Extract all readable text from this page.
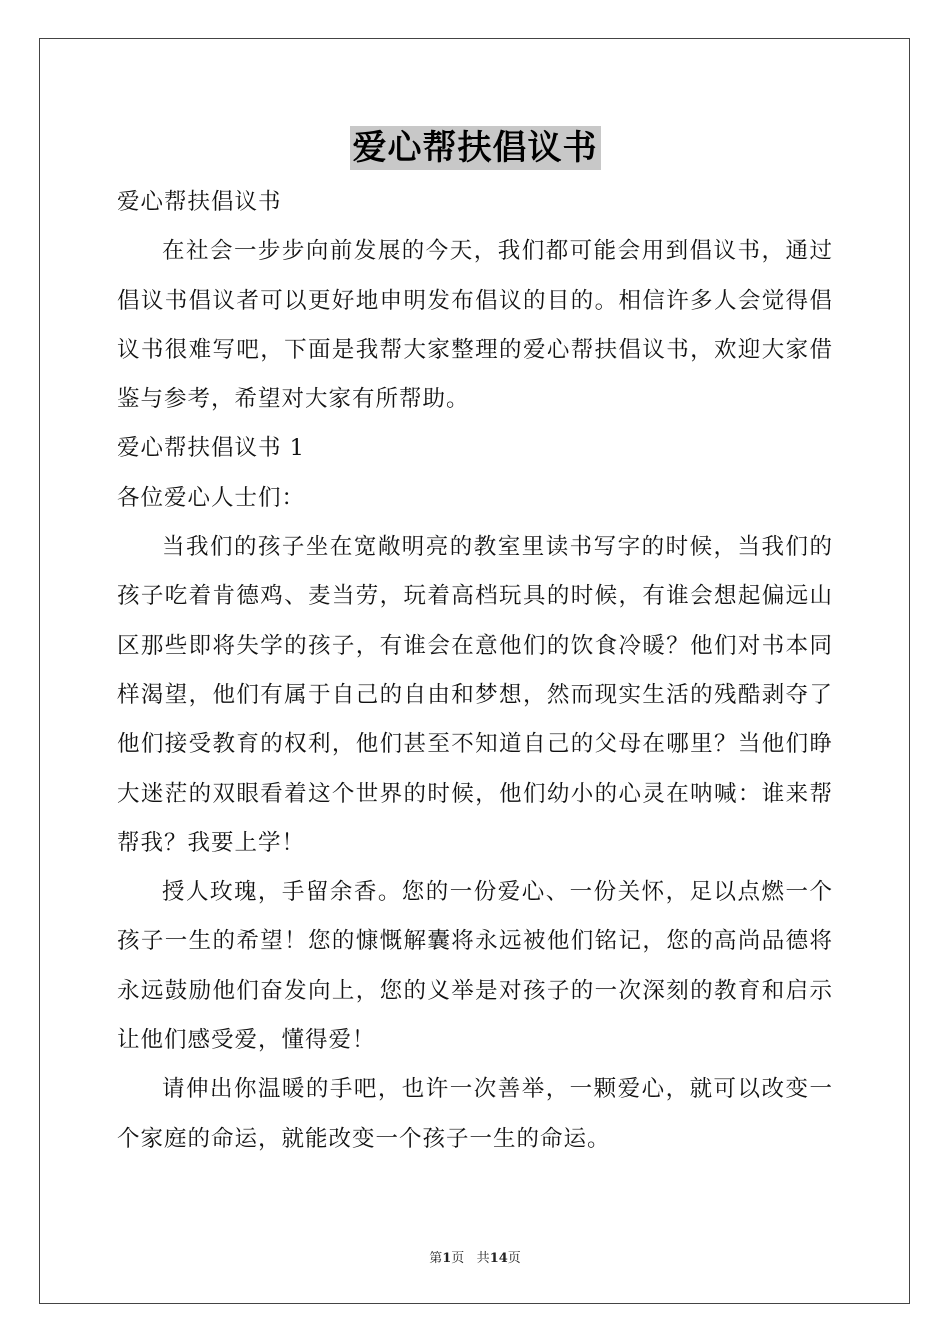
爱心帮扶倡议书

爱心帮扶倡议书

在社会一步步向前发展的今天，我们都可能会用到倡议书，通过倡议书倡议者可以更好地申明发布倡议的目的。相信许多人会觉得倡议书很难写吧，下面是我帮大家整理的爱心帮扶倡议书，欢迎大家借鉴与参考，希望对大家有所帮助。

爱心帮扶倡议书 1

各位爱心人士们：

当我们的孩子坐在宽敞明亮的教室里读书写字的时候，当我们的孩子吃着肯德鸡、麦当劳，玩着高档玩具的时候，有谁会想起偏远山区那些即将失学的孩子，有谁会在意他们的饮食冷暖？他们对书本同样渴望，他们有属于自己的自由和梦想，然而现实生活的残酷剥夺了他们接受教育的权利，他们甚至不知道自己的父母在哪里？当他们睁大迷茫的双眼看着这个世界的时候，他们幼小的心灵在呐喊：谁来帮帮我？我要上学！

授人玫瑰，手留余香。您的一份爱心、一份关怀，足以点燃一个孩子一生的希望！您的慷慨解囊将永远被他们铭记，您的高尚品德将永远鼓励他们奋发向上，您的义举是对孩子的一次深刻的教育和启示让他们感受爱，懂得爱！

请伸出你温暖的手吧，也许一次善举，一颗爱心，就可以改变一个家庭的命运，就能改变一个孩子一生的命运。

第1页 共14页
